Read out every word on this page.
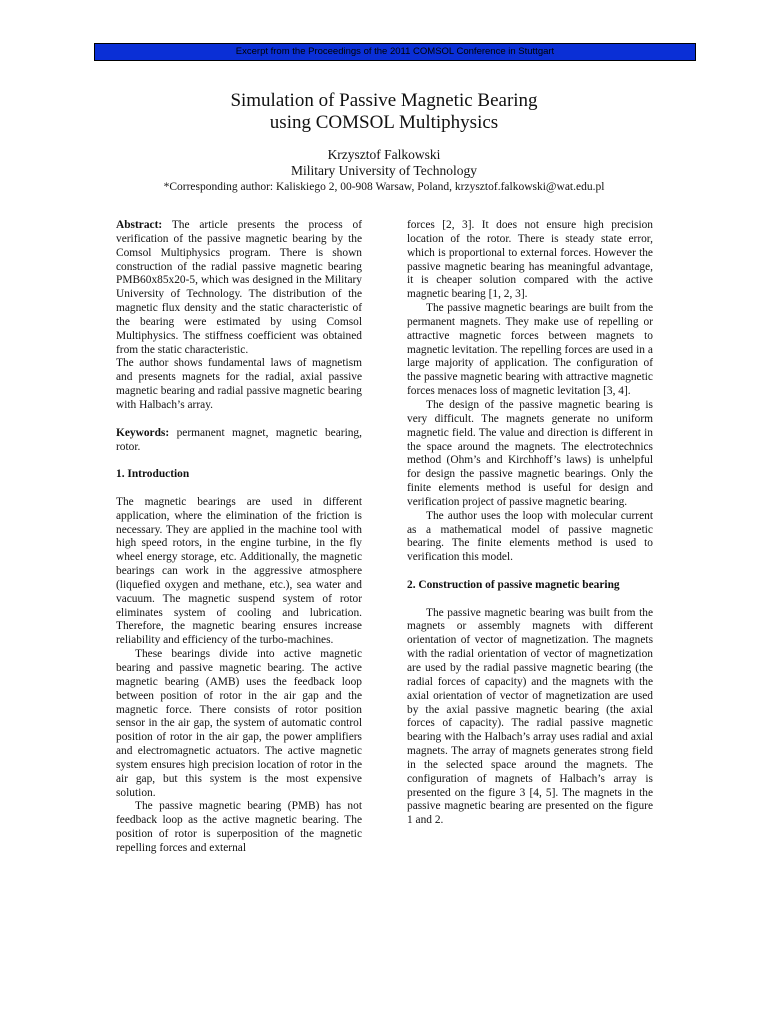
Excerpt from the Proceedings of the 2011 COMSOL Conference in Stuttgart
Simulation of Passive Magnetic Bearing
using COMSOL Multiphysics
Krzysztof Falkowski
Military University of Technology
*Corresponding author: Kaliskiego 2, 00-908 Warsaw, Poland, krzysztof.falkowski@wat.edu.pl

Abstract: The article presents the process of verification of the passive magnetic bearing by the Comsol Multiphysics program. There is shown construction of the radial passive magnetic bearing PMB60x85x20-5, which was designed in the Military University of Technology. The distribution of the magnetic flux density and the static characteristic of the bearing were estimated by using Comsol Multiphysics. The stiffness coefficient was obtained from the static characteristic.

The author shows fundamental laws of magnetism and presents magnets for the radial, axial passive magnetic bearing and radial passive magnetic bearing with Halbach’s array.

Keywords: permanent magnet, magnetic bearing, rotor.

1. Introduction

The magnetic bearings are used in different application, where the elimination of the friction is necessary. They are applied in the machine tool with high speed rotors, in the engine turbine, in the fly wheel energy storage, etc. Additionally, the magnetic bearings can work in the aggressive atmosphere (liquefied oxygen and methane, etc.), sea water and vacuum. The magnetic suspend system of rotor eliminates system of cooling and lubrication. Therefore, the magnetic bearing ensures increase reliability and efficiency of the turbo-machines.

These bearings divide into active magnetic bearing and passive magnetic bearing. The active magnetic bearing (AMB) uses the feedback loop between position of rotor in the air gap and the magnetic force. There consists of rotor position sensor in the air gap, the system of automatic control position of rotor in the air gap, the power amplifiers and electromagnetic actuators. The active magnetic system ensures high precision location of rotor in the air gap, but this system is the most expensive solution.

The passive magnetic bearing (PMB) has not feedback loop as the active magnetic bearing. The position of rotor is superposition of the magnetic repelling forces and external

forces [2, 3]. It does not ensure high precision location of the rotor. There is steady state error, which is proportional to external forces. However the passive magnetic bearing has meaningful advantage, it is cheaper solution compared with the active magnetic bearing [1, 2, 3].

The passive magnetic bearings are built from the permanent magnets. They make use of repelling or attractive magnetic forces between magnets to magnetic levitation. The repelling forces are used in a large majority of application. The configuration of the passive magnetic bearing with attractive magnetic forces menaces loss of magnetic levitation [3, 4].

The design of the passive magnetic bearing is very difficult. The magnets generate no uniform magnetic field. The value and direction is different in the space around the magnets. The electrotechnics method (Ohm’s and Kirchhoff’s laws) is unhelpful for design the passive magnetic bearings. Only the finite elements method is useful for design and verification project of passive magnetic bearing.

The author uses the loop with molecular current as a mathematical model of passive magnetic bearing. The finite elements method is used to verification this model.

2. Construction of passive magnetic bearing

The passive magnetic bearing was built from the magnets or assembly magnets with different orientation of vector of magnetization. The magnets with the radial orientation of vector of magnetization are used by the radial passive magnetic bearing (the radial forces of capacity) and the magnets with the axial orientation of vector of magnetization are used by the axial passive magnetic bearing (the axial forces of capacity). The radial passive magnetic bearing with the Halbach’s array uses radial and axial magnets. The array of magnets generates strong field in the selected space around the magnets. The configuration of magnets of Halbach’s array is presented on the figure 3 [4, 5]. The magnets in the passive magnetic bearing are presented on the figure 1 and 2.
